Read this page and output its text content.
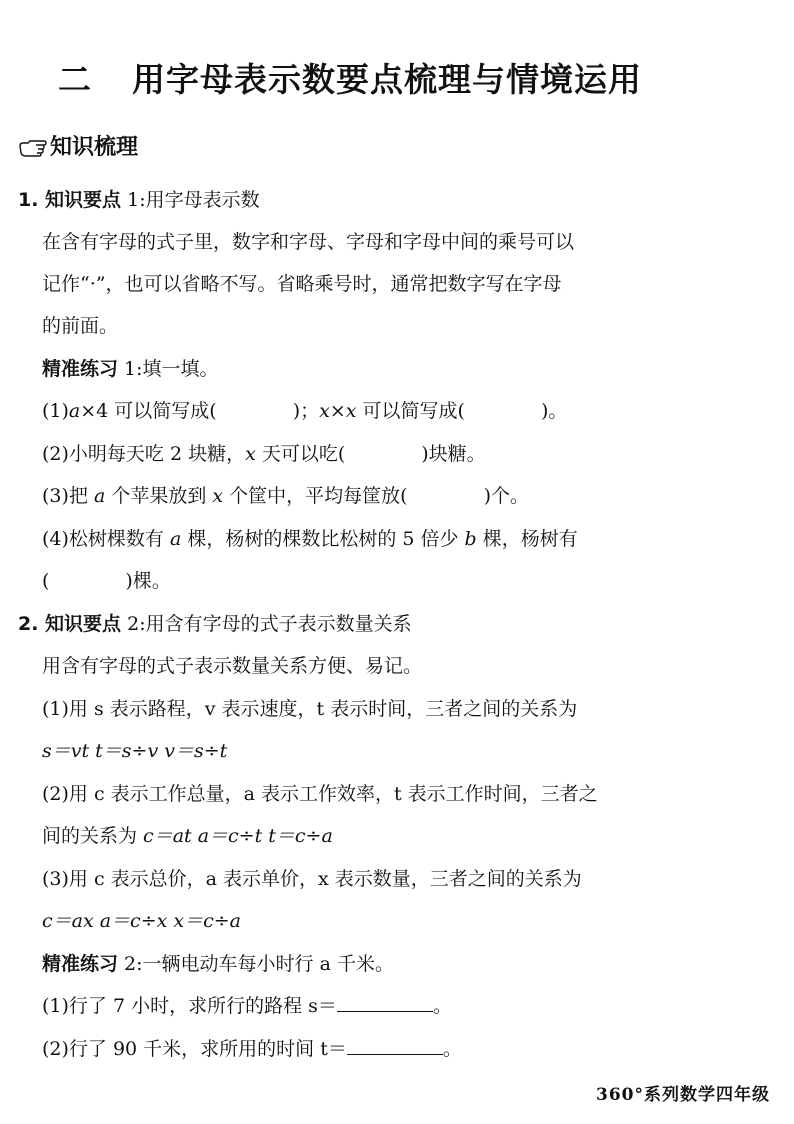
二 用字母表示数要点梳理与情境运用
知识梳理
1. 知识要点 1:用字母表示数
在含有字母的式子里，数字和字母、字母和字母中间的乘号可以
记作“·”，也可以省略不写。省略乘号时，通常把数字写在字母
的前面。
精准练习 1:填一填。
(1)a×4 可以简写成(	)；x×x 可以简写成(	)。
(2)小明每天吃 2 块糖，x 天可以吃(	)块糖。
(3)把 a 个苹果放到 x 个筐中，平均每筐放(	)个。
(4)松树棵数有 a 棵，杨树的棵数比松树的 5 倍少 b 棵，杨树有
(	)棵。
2. 知识要点 2:用含有字母的式子表示数量关系
用含有字母的式子表示数量关系方便、易记。
(1)用 s 表示路程，v 表示速度，t 表示时间，三者之间的关系为
s＝vt t＝s÷v v＝s÷t
(2)用 c 表示工作总量，a 表示工作效率，t 表示工作时间，三者之
间的关系为 c＝at a＝c÷t t＝c÷a
(3)用 c 表示总价，a 表示单价，x 表示数量，三者之间的关系为
c＝ax a＝c÷x x＝c÷a
精准练习 2:一辆电动车每小时行 a 千米。
(1)行了 7 小时，求所行的路程 s＝	。
(2)行了 90 千米，求所用的时间 t＝	。
360°系列数学四年级
